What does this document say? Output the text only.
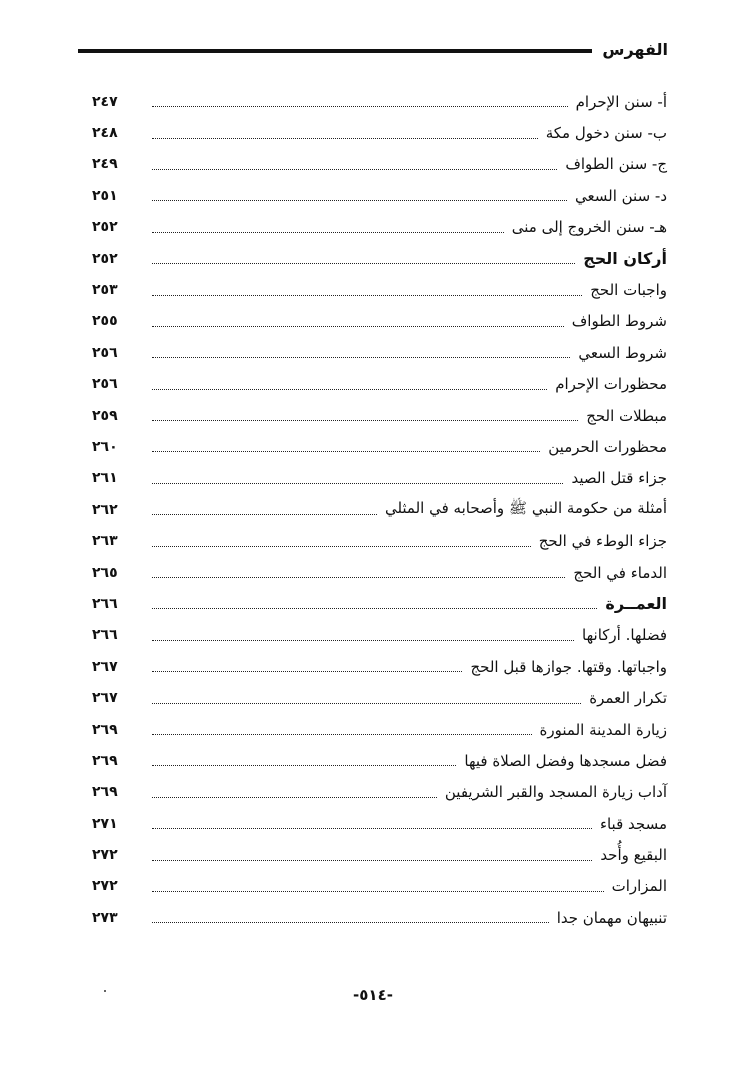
الفهرس
أ- سنن الإحرام
٢٤٧
ب- سنن دخول مكة
٢٤٨
ج- سنن الطواف
٢٤٩
د- سنن السعي
٢٥١
هـ- سنن الخروج إلى منى
٢٥٢
أركان الحج
٢٥٢
واجبات الحج
٢٥٣
شروط الطواف
٢٥٥
شروط السعي
٢٥٦
محظورات الإحرام
٢٥٦
مبطلات الحج
٢٥٩
محظورات الحرمين
٢٦٠
جزاء قتل الصيد
٢٦١
أمثلة من حكومة النبي ﷺ وأصحابه في المثلي
٢٦٢
جزاء الوطء في الحج
٢٦٣
الدماء في الحج
٢٦٥
العمــرة
٢٦٦
فضلها. أركانها
٢٦٦
واجباتها. وقتها. جوازها قبل الحج
٢٦٧
تكرار العمرة
٢٦٧
زيارة المدينة المنورة
٢٦٩
فضل مسجدها وفضل الصلاة فيها
٢٦٩
آداب زيارة المسجد والقبر الشريفين
٢٦٩
مسجد قباء
٢٧١
البقيع وأُحد
٢٧٢
المزارات
٢٧٢
تنبيهان مهمان جدا
٢٧٣
-٥١٤-
